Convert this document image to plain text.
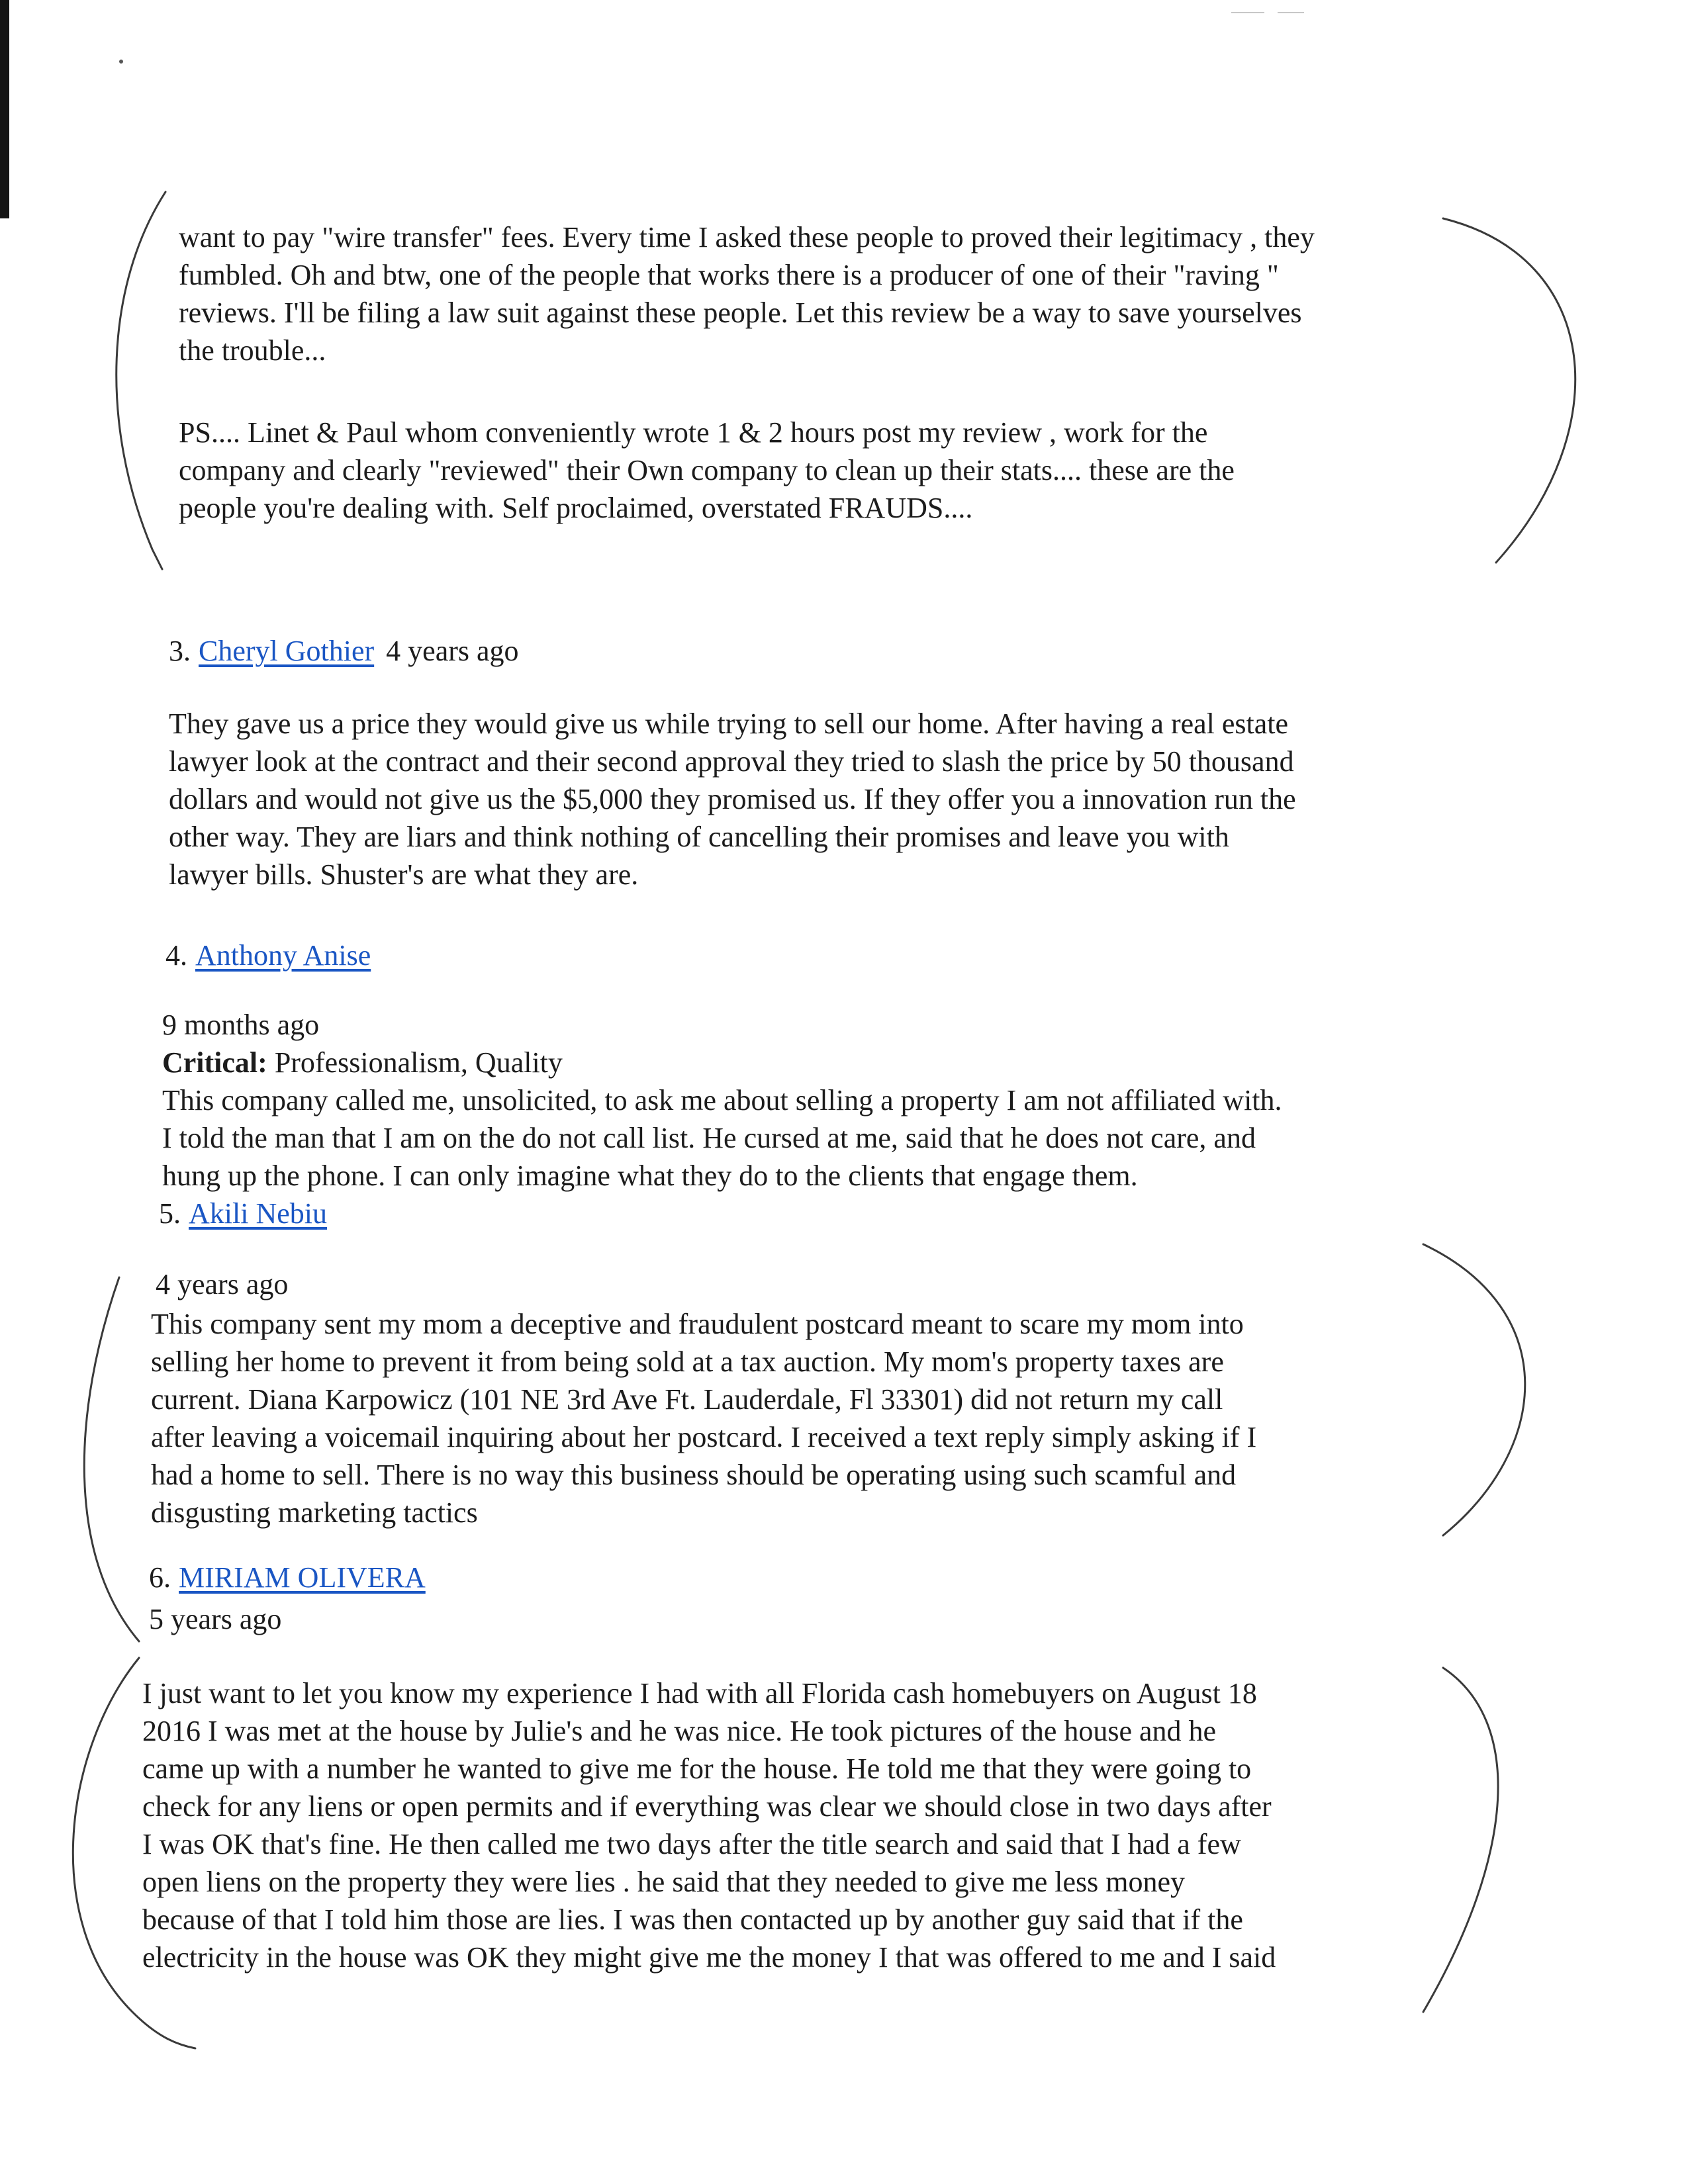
want to pay "wire transfer" fees. Every time I asked these people to proved their legitimacy , they
fumbled. Oh and btw, one of the people that works there is a producer of one of their "raving "
reviews. I'll be filing a law suit against these people. Let this review be a way to save yourselves
the trouble...
PS.... Linet & Paul whom conveniently wrote 1 & 2 hours post my review , work for the
company and clearly "reviewed" their Own company to clean up their stats.... these are the
people you're dealing with. Self proclaimed, overstated FRAUDS....
3. Cheryl Gothier 4 years ago
They gave us a price they would give us while trying to sell our home. After having a real estate
lawyer look at the contract and their second approval they tried to slash the price by 50 thousand
dollars and would not give us the $5,000 they promised us. If they offer you a innovation run the
other way. They are liars and think nothing of cancelling their promises and leave you with
lawyer bills. Shuster's are what they are.
4. Anthony Anise
9 months ago
Critical: Professionalism, Quality
This company called me, unsolicited, to ask me about selling a property I am not affiliated with.
I told the man that I am on the do not call list. He cursed at me, said that he does not care, and
hung up the phone. I can only imagine what they do to the clients that engage them.
5. Akili Nebiu
4 years ago
This company sent my mom a deceptive and fraudulent postcard meant to scare my mom into
selling her home to prevent it from being sold at a tax auction. My mom's property taxes are
current. Diana Karpowicz (101 NE 3rd Ave Ft. Lauderdale, Fl 33301) did not return my call
after leaving a voicemail inquiring about her postcard. I received a text reply simply asking if I
had a home to sell. There is no way this business should be operating using such scamful and
disgusting marketing tactics
6. MIRIAM OLIVERA
5 years ago
I just want to let you know my experience I had with all Florida cash homebuyers on August 18
2016 I was met at the house by Julie's and he was nice. He took pictures of the house and he
came up with a number he wanted to give me for the house. He told me that they were going to
check for any liens or open permits and if everything was clear we should close in two days after
I was OK that's fine. He then called me two days after the title search and said that I had a few
open liens on the property they were lies . he said that they needed to give me less money
because of that I told him those are lies. I was then contacted up by another guy said that if the
electricity in the house was OK they might give me the money I that was offered to me and I said
